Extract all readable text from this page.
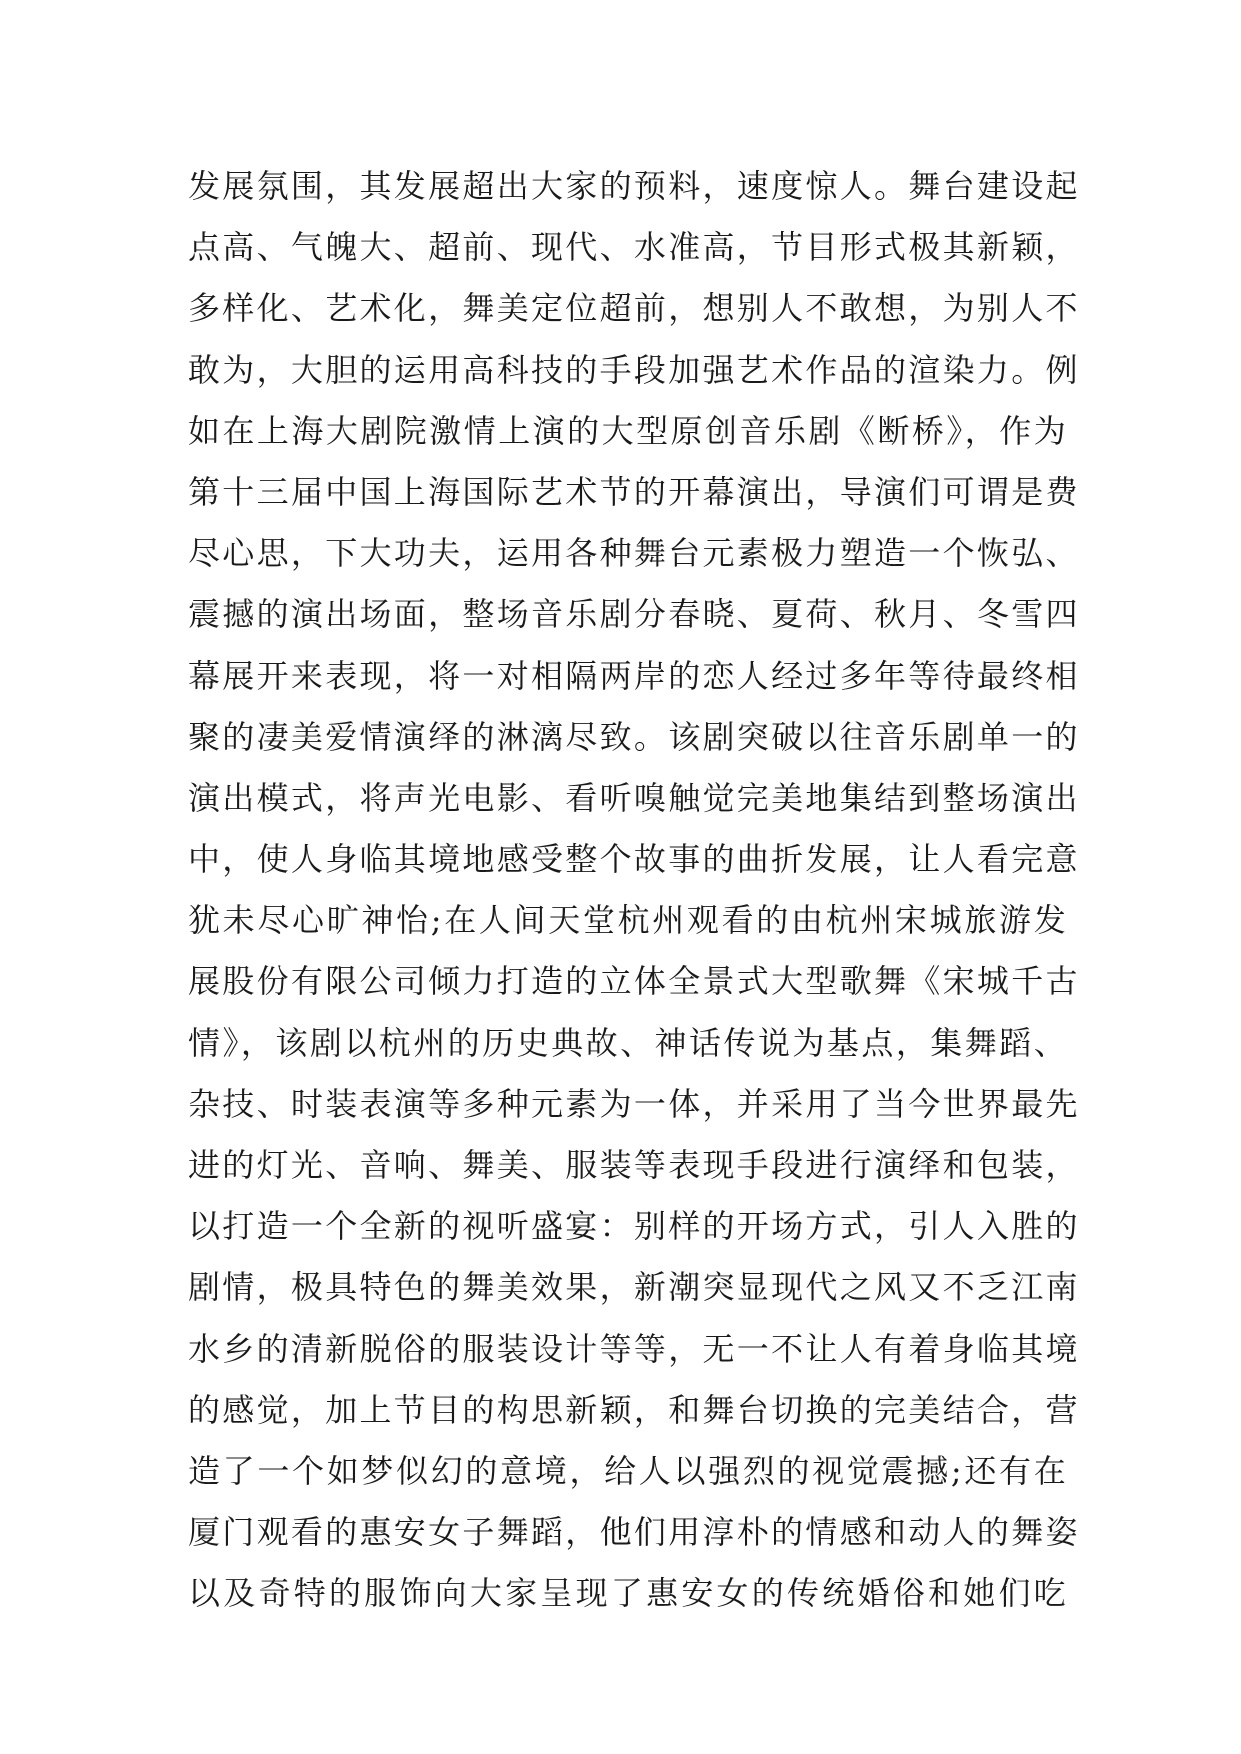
发展氛围，其发展超出大家的预料，速度惊人。舞台建设起
点高、气魄大、超前、现代、水准高，节目形式极其新颖，
多样化、艺术化，舞美定位超前，想别人不敢想，为别人不
敢为，大胆的运用高科技的手段加强艺术作品的渲染力。例
如在上海大剧院激情上演的大型原创音乐剧《断桥》，作为
第十三届中国上海国际艺术节的开幕演出，导演们可谓是费
尽心思，下大功夫，运用各种舞台元素极力塑造一个恢弘、
震撼的演出场面，整场音乐剧分春晓、夏荷、秋月、冬雪四
幕展开来表现，将一对相隔两岸的恋人经过多年等待最终相
聚的凄美爱情演绎的淋漓尽致。该剧突破以往音乐剧单一的
演出模式，将声光电影、看听嗅触觉完美地集结到整场演出
中，使人身临其境地感受整个故事的曲折发展，让人看完意
犹未尽心旷神怡;在人间天堂杭州观看的由杭州宋城旅游发
展股份有限公司倾力打造的立体全景式大型歌舞《宋城千古
情》，该剧以杭州的历史典故、神话传说为基点，集舞蹈、
杂技、时装表演等多种元素为一体，并采用了当今世界最先
进的灯光、音响、舞美、服装等表现手段进行演绎和包装，
以打造一个全新的视听盛宴：别样的开场方式，引人入胜的
剧情，极具特色的舞美效果，新潮突显现代之风又不乏江南
水乡的清新脱俗的服装设计等等，无一不让人有着身临其境
的感觉，加上节目的构思新颖，和舞台切换的完美结合，营
造了一个如梦似幻的意境，给人以强烈的视觉震撼;还有在
厦门观看的惠安女子舞蹈，他们用淳朴的情感和动人的舞姿
以及奇特的服饰向大家呈现了惠安女的传统婚俗和她们吃
